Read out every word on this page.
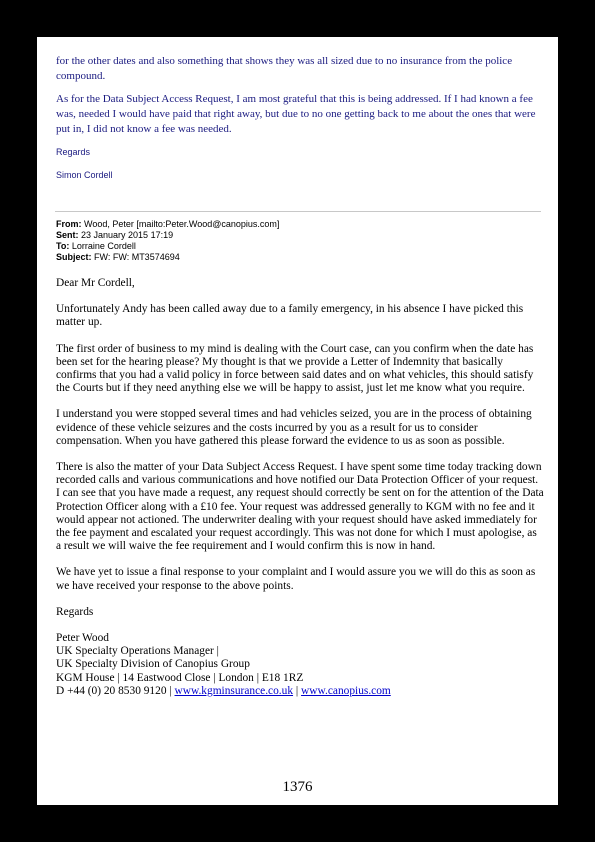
for the other dates and also something that shows they was all sized due to no insurance from the police compound.

As for the Data Subject Access Request, I am most grateful that this is being addressed. If I had known a fee was, needed I would have paid that right away, but due to no one getting back to me about the ones that were put in, I did not know a fee was needed.

Regards

Simon Cordell

From: Wood, Peter [mailto:Peter.Wood@canopius.com]

Sent: 23 January 2015 17:19

To: Lorraine Cordell

Subject: FW: FW: MT3574694

Dear Mr Cordell,

Unfortunately Andy has been called away due to a family emergency, in his absence I have picked this matter up.

The first order of business to my mind is dealing with the Court case, can you confirm when the date has been set for the hearing please? My thought is that we provide a Letter of Indemnity that basically confirms that you had a valid policy in force between said dates and on what vehicles, this should satisfy the Courts but if they need anything else we will be happy to assist, just let me know what you require.

I understand you were stopped several times and had vehicles seized, you are in the process of obtaining evidence of these vehicle seizures and the costs incurred by you as a result for us to consider compensation. When you have gathered this please forward the evidence to us as soon as possible.

There is also the matter of your Data Subject Access Request. I have spent some time today tracking down recorded calls and various communications and hove notified our Data Protection Officer of your request. I can see that you have made a request, any request should correctly be sent on for the attention of the Data Protection Officer along with a £10 fee. Your request was addressed generally to KGM with no fee and it would appear not actioned. The underwriter dealing with your request should have asked immediately for the fee payment and escalated your request accordingly. This was not done for which I must apologise, as a result we will waive the fee requirement and I would confirm this is now in hand.

We have yet to issue a final response to your complaint and I would assure you we will do this as soon as we have received your response to the above points.

Regards

Peter Wood

UK Specialty Operations Manager |

UK Specialty Division of Canopius Group

KGM House | 14 Eastwood Close | London | E18 1RZ

D +44 (0) 20 8530 9120 | www.kgminsurance.co.uk | www.canopius.com

1376
